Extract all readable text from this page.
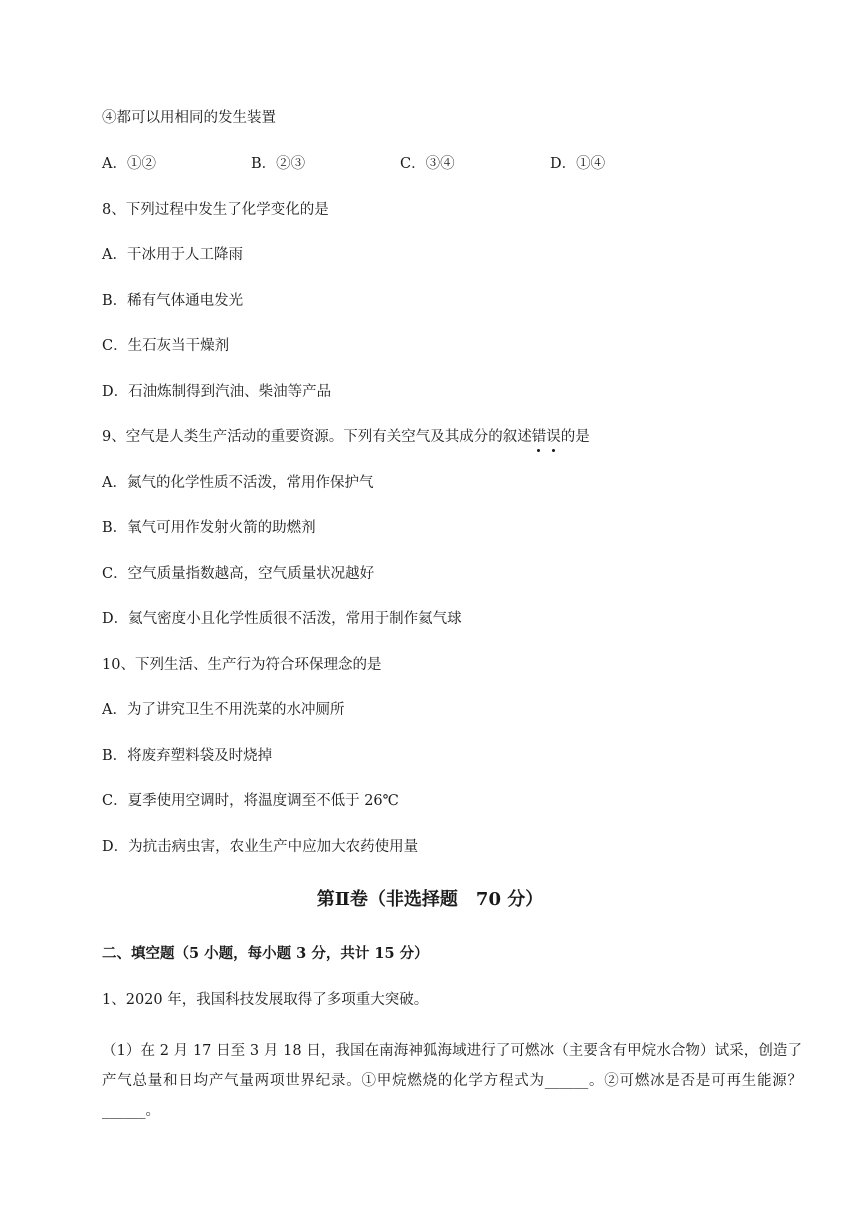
④都可以用相同的发生装置
A．①②	B．②③	C．③④	D．①④
8、下列过程中发生了化学变化的是
A．干冰用于人工降雨
B．稀有气体通电发光
C．生石灰当干燥剂
D．石油炼制得到汽油、柴油等产品
9、空气是人类生产活动的重要资源。下列有关空气及其成分的叙述错误的是
A．氮气的化学性质不活泼，常用作保护气
B．氧气可用作发射火箭的助燃剂
C．空气质量指数越高，空气质量状况越好
D．氦气密度小且化学性质很不活泼，常用于制作氦气球
10、下列生活、生产行为符合环保理念的是
A．为了讲究卫生不用洗菜的水冲厕所
B．将废弃塑料袋及时烧掉
C．夏季使用空调时，将温度调至不低于 26℃
D．为抗击病虫害，农业生产中应加大农药使用量
第Ⅱ卷（非选择题　70 分）
二、填空题（5 小题，每小题 3 分，共计 15 分）
1、2020 年，我国科技发展取得了多项重大突破。
（1）在 2 月 17 日至 3 月 18 日，我国在南海神狐海域进行了可燃冰（主要含有甲烷水合物）试采，创造了产气总量和日均产气量两项世界纪录。①甲烷燃烧的化学方程式为______。②可燃冰是否是可再生能源？______。
